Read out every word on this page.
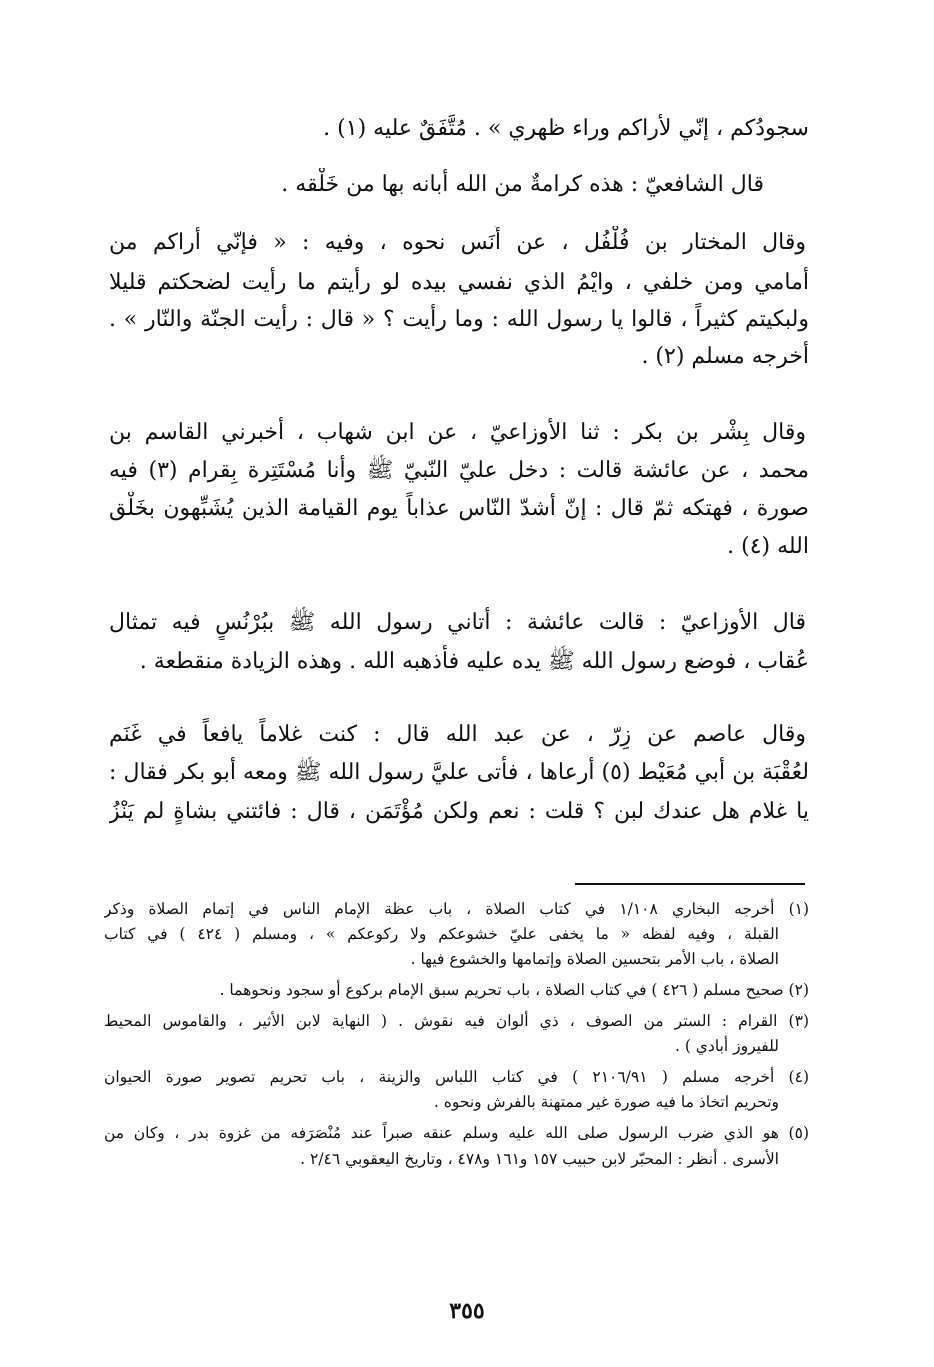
سجودُكم ، إنّي لأراكم وراء ظهري » . مُتَّفَقٌ عليه (١) .
قال الشافعيّ : هذه كرامةٌ من الله أبانه بها من خَلْقه .
وقال المختار بن فُلْفُل ، عن أَنَس نحوه ، وفيه : « فإنّي أراكم من
أمامي ومن خلفي ، وايْمُ الذي نفسي بيده لو رأيتم ما رأيت لضحكتم قليلا
ولبكيتم كثيراً ، قالوا يا رسول الله : وما رأيت ؟ « قال : رأيت الجنّة والنّار » .
أخرجه مسلم (٢) .
وقال بِشْر بن بكر : ثنا الأوزاعيّ ، عن ابن شهاب ، أخبرني القاسم بن
محمد ، عن عائشة قالت : دخل عليّ النّبيّ ﷺ وأنا مُسْتَتِرة بِقرام (٣) فيه
صورة ، فهتكه ثمّ قال : إنّ أشدّ النّاس عذاباً يوم القيامة الذين يُشَبِّهون بخَلْق
الله (٤) .
قال الأوزاعيّ : قالت عائشة : أتاني رسول الله ﷺ ببُرْنُسٍ فيه تمثال
عُقاب ، فوضع رسول الله ﷺ يده عليه فأذهبه الله . وهذه الزيادة منقطعة .
وقال عاصم عن زِرّ ، عن عبد الله قال : كنت غلاماً يافعاً في غَنَم
لعُقْبَة بن أبي مُعَيْط (٥) أرعاها ، فأتى عليَّ رسول الله ﷺ ومعه أبو بكر فقال :
يا غلام هل عندك لبن ؟ قلت : نعم ولكن مُؤْتَمَن ، قال : فائتني بشاةٍ لم يَنْزُ
(١) أخرجه البخاري ١/١٠٨ في كتاب الصلاة ، باب عظة الإمام الناس في إتمام الصلاة وذكر
القبلة ، وفيه لفظه « ما يخفى عليّ خشوعكم ولا ركوعكم » ، ومسلم ( ٤٢٤ ) في كتاب
الصلاة ، باب الأمر بتحسين الصلاة وإتمامها والخشوع فيها .
(٢) صحيح مسلم ( ٤٢٦ ) في كتاب الصلاة ، باب تحريم سبق الإمام بركوع أو سجود ونحوهما .
(٣) القرام : الستر من الصوف ، ذي ألوان فيه نقوش . ( النهاية لابن الأثير ، والقاموس المحيط
للفيروز أبادي ) .
(٤) أخرجه مسلم ( ٢١٠٦/٩١ ) في كتاب اللباس والزينة ، باب تحريم تصوير صورة الحيوان
وتحريم اتخاذ ما فيه صورة غير ممتهنة بالفرش ونحوه .
(٥) هو الذي ضرب الرسول صلى الله عليه وسلم عنقه صبراً عند مُنْصَرَفه من غزوة بدر ، وكان من
الأسرى . أنظر : المحبّر لابن حبيب ١٥٧ و١٦١ و٤٧٨ ، وتاريخ اليعقوبي ٢/٤٦ .
٣٥٥
